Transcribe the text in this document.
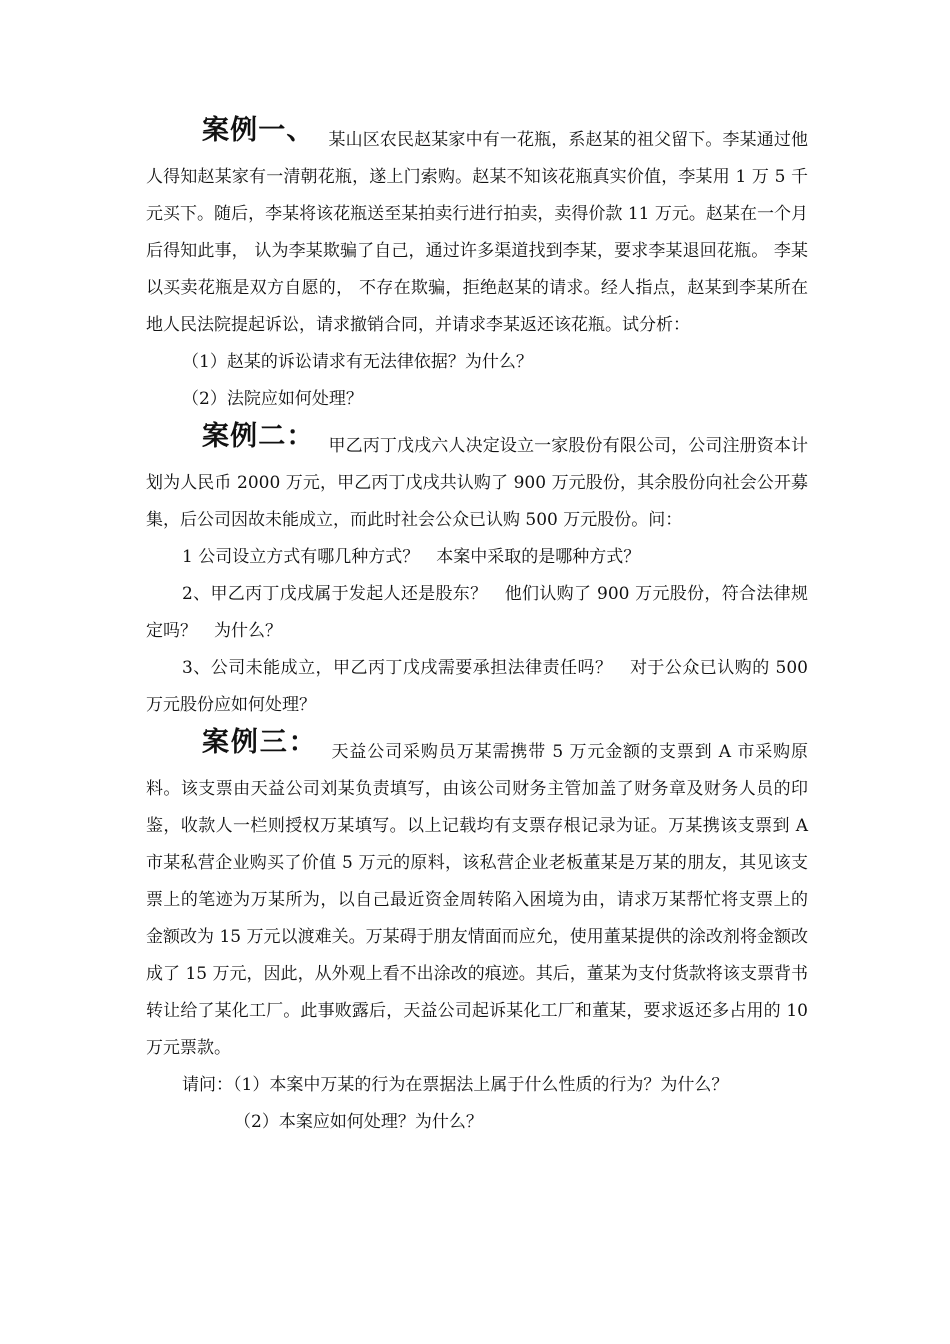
案例一、 某山区农民赵某家中有一花瓶，系赵某的祖父留下。李某通过他人得知赵某家有一清朝花瓶，遂上门索购。赵某不知该花瓶真实价值，李某用 1 万 5 千元买下。随后，李某将该花瓶送至某拍卖行进行拍卖，卖得价款 11 万元。赵某在一个月后得知此事， 认为李某欺骗了自己，通过许多渠道找到李某，要求李某退回花瓶。 李某以买卖花瓶是双方自愿的， 不存在欺骗，拒绝赵某的请求。经人指点，赵某到李某所在地人民法院提起诉讼，请求撤销合同，并请求李某返还该花瓶。试分析：

（1）赵某的诉讼请求有无法律依据？为什么？

（2）法院应如何处理？

案例二： 甲乙丙丁戊戌六人决定设立一家股份有限公司，公司注册资本计划为人民币 2000 万元，甲乙丙丁戊戌共认购了 900 万元股份，其余股份向社会公开募集，后公司因故未能成立，而此时社会公众已认购 500 万元股份。问：

1 公司设立方式有哪几种方式？　本案中采取的是哪种方式？

2、甲乙丙丁戊戌属于发起人还是股东？　他们认购了 900 万元股份，符合法律规定吗？　为什么？

3、公司未能成立，甲乙丙丁戊戌需要承担法律责任吗？　对于公众已认购的 500 万元股份应如何处理？

案例三： 天益公司采购员万某需携带 5 万元金额的支票到 A 市采购原料。该支票由天益公司刘某负责填写，由该公司财务主管加盖了财务章及财务人员的印鉴，收款人一栏则授权万某填写。以上记载均有支票存根记录为证。万某携该支票到 A 市某私营企业购买了价值 5 万元的原料，该私营企业老板董某是万某的朋友，其见该支票上的笔迹为万某所为，以自己最近资金周转陷入困境为由，请求万某帮忙将支票上的金额改为 15 万元以渡难关。万某碍于朋友情面而应允，使用董某提供的涂改剂将金额改成了 15 万元，因此，从外观上看不出涂改的痕迹。其后，董某为支付货款将该支票背书转让给了某化工厂。此事败露后，天益公司起诉某化工厂和董某，要求返还多占用的 10 万元票款。

请问：（1）本案中万某的行为在票据法上属于什么性质的行为？为什么？

（2）本案应如何处理？为什么？
